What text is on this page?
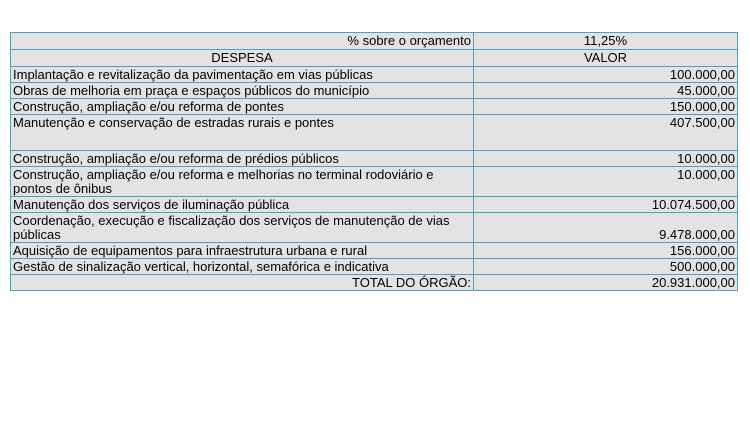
% sobre o orçamento	11,25%
DESPESA	VALOR
Implantação e revitalização da pavimentação em vias públicas	100.000,00
Obras de melhoria em praça e espaços públicos do município	45.000,00
Construção, ampliação e/ou reforma de pontes	150.000,00
Manutenção e conservação de estradas rurais e pontes	407.500,00
Construção, ampliação e/ou reforma de prédios públicos	10.000,00
Construção, ampliação e/ou reforma e melhorias no terminal rodoviário e pontos de ônibus	10.000,00
Manutenção dos serviços de iluminação pública	10.074.500,00
Coordenação, execução e fiscalização dos serviços de manutenção de vias públicas	9.478.000,00
Aquisição de equipamentos para infraestrutura urbana e rural	156.000,00
Gestão de sinalização vertical, horizontal, semafórica e indicativa	500.000,00
TOTAL DO ÓRGÃO:	20.931.000,00
